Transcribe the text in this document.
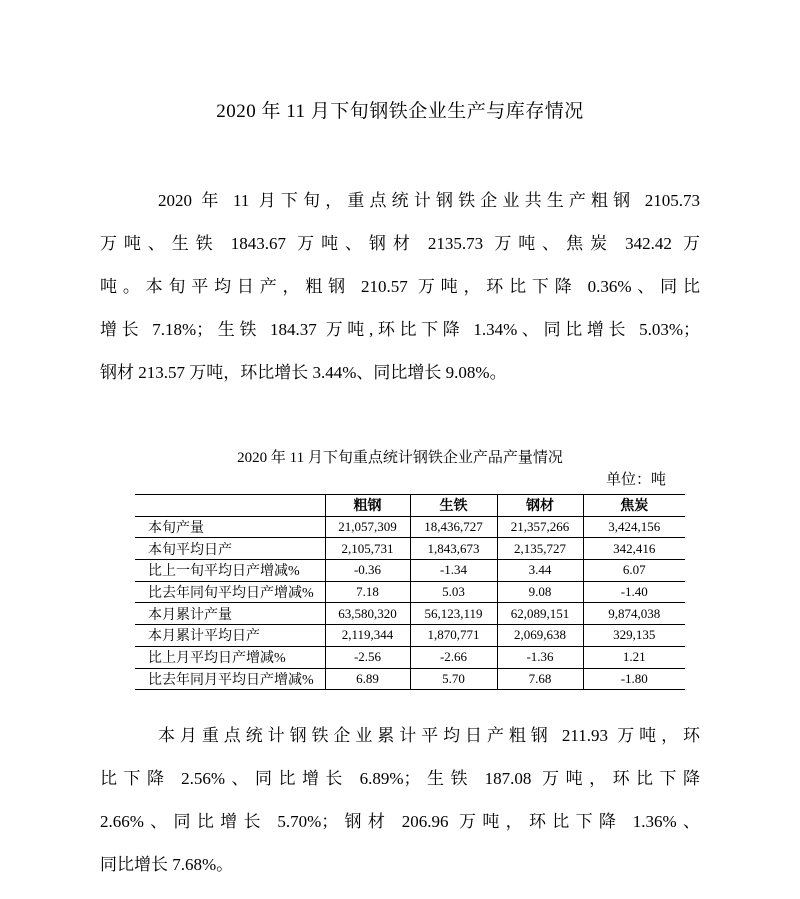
2020 年 11 月下旬钢铁企业生产与库存情况
2020 年 11 月下旬，重点统计钢铁企业共生产粗钢 2105.73
万吨、生铁 1843.67 万吨、钢材 2135.73 万吨、焦炭 342.42 万
吨。本旬平均日产，粗钢 210.57 万吨，环比下降 0.36%、同比
增长 7.18%；生铁 184.37 万吨,环比下降 1.34%、同比增长 5.03%；
钢材 213.57 万吨，环比增长 3.44%、同比增长 9.08%。
2020 年 11 月下旬重点统计钢铁企业产品产量情况
单位：吨
	粗钢	生铁	钢材	焦炭
本旬产量	21,057,309	18,436,727	21,357,266	3,424,156
本旬平均日产	2,105,731	1,843,673	2,135,727	342,416
比上一旬平均日产增减%	-0.36	-1.34	3.44	6.07
比去年同旬平均日产增减%	7.18	5.03	9.08	-1.40
本月累计产量	63,580,320	56,123,119	62,089,151	9,874,038
本月累计平均日产	2,119,344	1,870,771	2,069,638	329,135
比上月平均日产增减%	-2.56	-2.66	-1.36	1.21
比去年同月平均日产增减%	6.89	5.70	7.68	-1.80
本月重点统计钢铁企业累计平均日产粗钢 211.93 万吨，环
比下降 2.56%、同比增长 6.89%；生铁 187.08 万吨，环比下降
2.66%、同比增长 5.70%；钢材 206.96 万吨，环比下降 1.36%、
同比增长 7.68%。
